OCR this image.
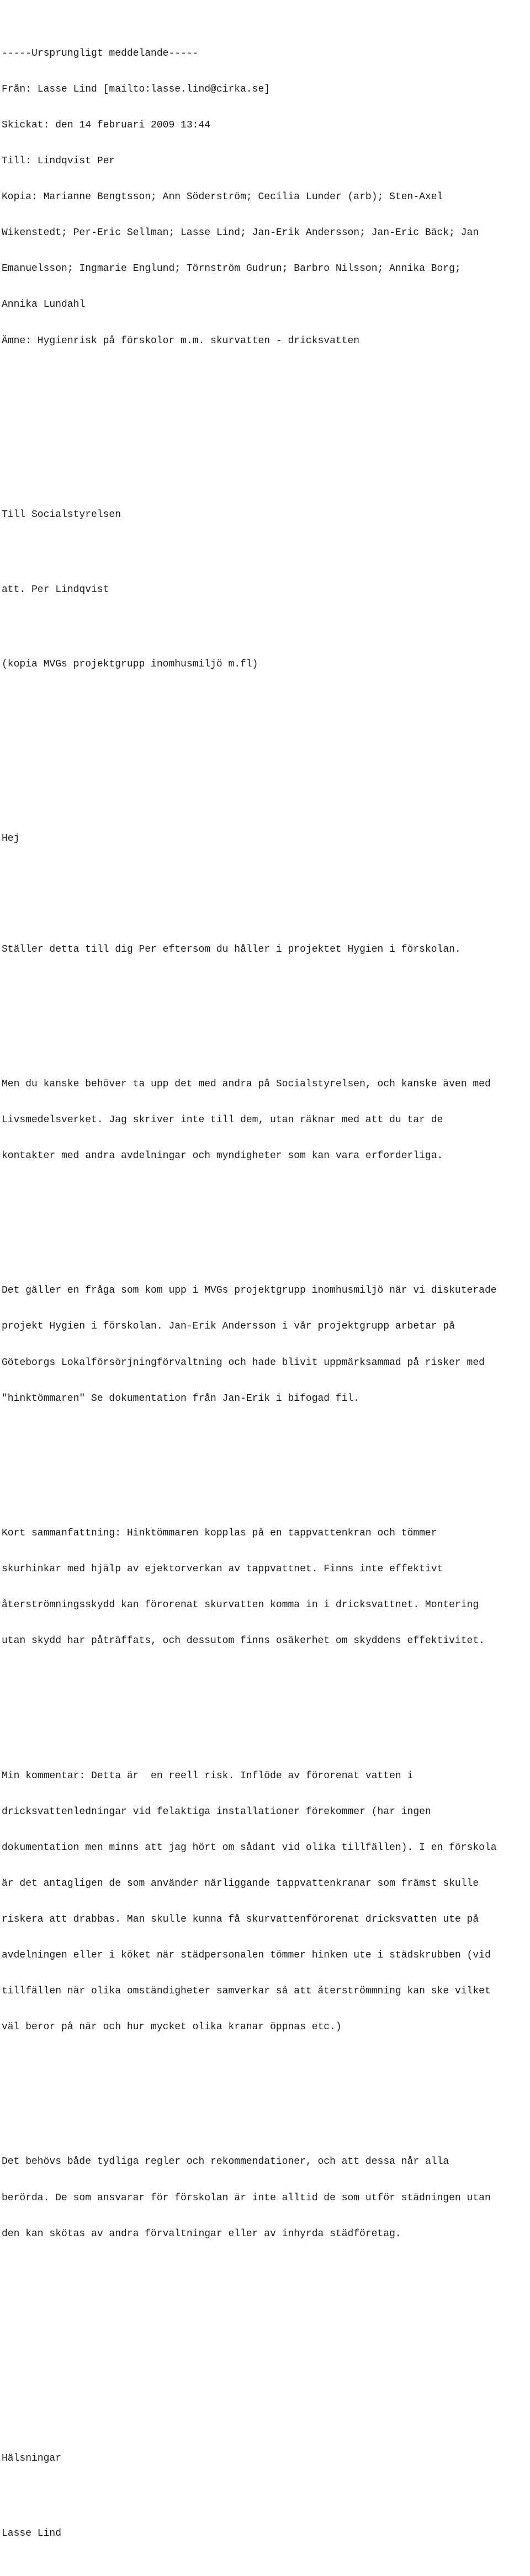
-----Ursprungligt meddelande-----

Från: Lasse Lind [mailto:lasse.lind@cirka.se]

Skickat: den 14 februari 2009 13:44

Till: Lindqvist Per

Kopia: Marianne Bengtsson; Ann Söderström; Cecilia Lunder (arb); Sten-Axel

Wikenstedt; Per-Eric Sellman; Lasse Lind; Jan-Erik Andersson; Jan-Eric Bäck; Jan

Emanuelsson; Ingmarie Englund; Törnström Gudrun; Barbro Nilsson; Annika Borg;

Annika Lundahl

Ämne: Hygienrisk på förskolor m.m. skurvatten - dricksvatten

Till Socialstyrelsen

att. Per Lindqvist

(kopia MVGs projektgrupp inomhusmiljö m.fl)

Hej

Ställer detta till dig Per eftersom du håller i projektet Hygien i förskolan.

Men du kanske behöver ta upp det med andra på Socialstyrelsen, och kanske även med

Livsmedelsverket. Jag skriver inte till dem, utan räknar med att du tar de

kontakter med andra avdelningar och myndigheter som kan vara erforderliga.

Det gäller en fråga som kom upp i MVGs projektgrupp inomhusmiljö när vi diskuterade

projekt Hygien i förskolan. Jan-Erik Andersson i vår projektgrupp arbetar på

Göteborgs Lokalförsörjningförvaltning och hade blivit uppmärksammad på risker med

"hinktömmaren" Se dokumentation från Jan-Erik i bifogad fil.

Kort sammanfattning: Hinktömmaren kopplas på en tappvattenkran och tömmer

skurhinkar med hjälp av ejektorverkan av tappvattnet. Finns inte effektivt

återströmningsskydd kan förorenat skurvatten komma in i dricksvattnet. Montering

utan skydd har påträffats, och dessutom finns osäkerhet om skyddens effektivitet.

Min kommentar: Detta är  en reell risk. Inflöde av förorenat vatten i

dricksvattenledningar vid felaktiga installationer förekommer (har ingen

dokumentation men minns att jag hört om sådant vid olika tillfällen). I en förskola

är det antagligen de som använder närliggande tappvattenkranar som främst skulle

riskera att drabbas. Man skulle kunna få skurvattenförorenat dricksvatten ute på

avdelningen eller i köket när städpersonalen tömmer hinken ute i städskrubben (vid

tillfällen när olika omständigheter samverkar så att återströmmning kan ske vilket

väl beror på när och hur mycket olika kranar öppnas etc.)

Det behövs både tydliga regler och rekommendationer, och att dessa når alla

berörda. De som ansvarar för förskolan är inte alltid de som utför städningen utan

den kan skötas av andra förvaltningar eller av inhyrda städföretag.

Hälsningar

Lasse Lind
